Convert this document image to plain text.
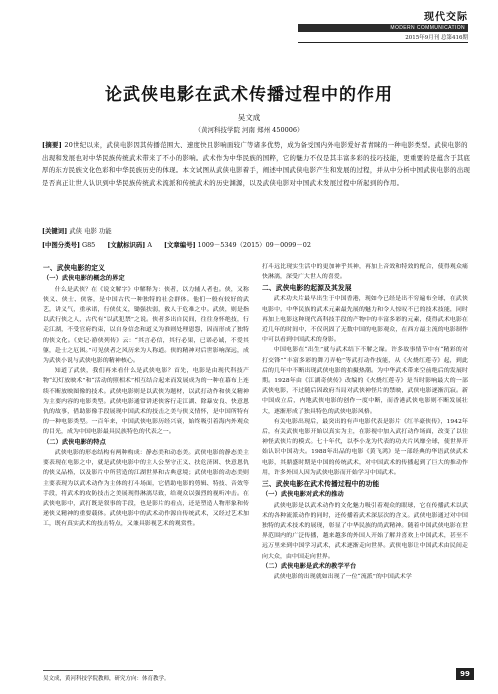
现代交际
MODERN COMMUNICATION
2015年9月刊 总第416期
论武侠电影在武术传播过程中的作用
吴文成
（黄河科技学院 河南 郑州 450006）
[摘要] 20世纪以来，武侠电影因其传播范围大、速度快且影响面较广等诸多优势，成为备受国内外电影爱好者青睐的一种电影类型。武侠电影的出现和发展也对中华民族传统武术带来了不小的影响。武术作为中华民族的国粹，它的魅力不仅是其丰富多彩的技巧技能，更重要的是蕴含于其底厚的东方民族文化色彩和中华民族历史的体现。本文试图从武侠电影着手，阐述中国武侠电影产生和发展的过程，并从中分析中国武侠电影的出现是否真正让世人认识到中华民族传统武术流派和传统武术的历史渊源，以及武侠电影对中国武术发展过程中所起到的作用。
[关键词] 武侠 电影 功能
[中图分类号] G85 [文献标识码] A [文章编号] 1009－5349（2015）09－0099－02
一、武侠电影的定义
（一）武侠电影的概念的界定

什么是武侠？在《说文解字》中解释为：侠者，以力辅人者也。侠，又称侠义、侠士、侠客，是中国古代一种独特的社会群体。他们一般有较好的武艺，讲义气，重承诺，行侠仗义，锄强扶弱，救人于危难之中。武侠，则是指以武行侠之人，古代有“以武犯禁”之说。侠者多出自民间，往往身怀绝技，行走江湖，不受官府约束，以自身信念和道义为准则处理恩怨，因而形成了独特的侠文化。《史记·游侠列传》云：“其言必信，其行必果，已诺必诚，不爱其躯，赴士之厄困。”可见侠者之风历来为人称道。侠的精神对后世影响深远，成为武侠小说与武侠电影的精神核心。

知道了武侠，我们再来看什么是武侠电影？首先，电影是由现代科技产物“幻灯放映术”和“活动的照相术”相互结合起来而发展成为的一种在幕布上连续不断放映图像的技术。武侠电影则是以武侠为题材，以武打动作和侠义精神为主要内容的电影类型。武侠电影通常讲述侠客行走江湖、除暴安良、快意恩仇的故事，借助影像手段展现中国武术的技击之美与侠义情怀，是中国所特有的一种电影类型。一百年来，中国武侠电影历经兴衰，始终吸引着海内外观众的目光，成为中国电影最具民族特色的代表之一。

（二）武侠电影的特点

武侠电影的形态结构有两种构成：静态美和动态美。武侠电影的静态美主要表现在电影之中，就是武侠电影中的主人公坚守正义、扶危济困、快意恩仇的侠义品格，以及影片中所营造的江湖世界和古典意境；武侠电影的动态美则主要表现为以武术动作为主体的打斗场面，它借助电影的剪辑、特技、音效等手段，将武术的攻防技击之美展现得淋漓尽致，给观众以强烈的视听冲击。在武侠电影中，武打既是叙事的手段，也是影片的看点，还是塑造人物形象和传递侠义精神的重要载体。武侠电影中的武术动作源自传统武术，又经过艺术加工，既有真实武术的技击特点，又兼具影视艺术的观赏性。

打斗远比现实生活中的更加神乎其神，再加上音效和特效的配合，使得观众痛快淋漓，深受广大世人的喜爱。

二、武侠电影的起源及其发展

武术功夫片最早出生于中国香港，现如今已经是出不穷遍布全球，在武侠电影中，中华民族的武术元素最先展的魅力和令人惊叹不已的技术技能，同时再加上电影这种现代高科技手段的产物中的丰富多彩的元素，使得武术电影在近几年的时间中，不仅巩固了无数中国的电影观众，在西方最主流的电影制作中可以看到中国武术的身影。

中国电影在“出生”就与武术结下不解之缘。许多故事情节中有“精彩的对打交锋”“丰富多彩的舞刀弄枪”等武打动作技能，从《火烧红莲寺》起，到此后的几年中不断出现武侠电影的拍摄热潮。为中华武术带来空前绝后的发展时期。1928年由《江湖奇侠传》改编的《火烧红莲寺》是当时影响最大的一部武侠电影，不过随后因政府当局对武侠神怪片的禁映，武侠电影逐渐沉寂。新中国成立后，内地武侠电影的创作一度中断，而香港武侠电影则不断发展壮大，逐渐形成了独具特色的武侠电影风格。

有关电影出现后，最突出的有声电影代表是影片《红羊豪侠传》，1942年后，有关武侠电影开始以真实为主，在影视中加入武打动作场面，改变了以往神怪武侠片的模式。七十年代，以李小龙为代表的功夫片风靡全球，使世界开始认识中国功夫。1988年出品的电影《黄飞鸿》是一部经典的华语武侠武术电影，其鼎盛时期是中国的传统武术，对中国武术的传播起到了巨大的推动作用，许多外国人因为武侠电影而开始学习中国武术。

三、武侠电影在武术传播过程中的功能
（一）武侠电影对武术的推动

武侠电影是以武术动作的文化魅力吸引着观众的眼球，它在传播武术以武术的各种流派动作的同时，还传播着武术深层次的含义。武侠电影通过对中国独特的武术技术的展现，彰显了中华民族的尚武精神。随着中国武侠电影在世界范围内的广泛传播，越来越多的外国人开始了解并喜欢上中国武术，甚至不远万里来到中国学习武术，武术逐渐走向世界。武侠电影让中国武术由民间走向大众，由中国走向世界。

（二）武侠电影是武术的教学平台

武侠电影的出现就如出现了一位“流派”的中国武术学

吴文成，黄河科技学院教师，研究方向：体育教学。
99
